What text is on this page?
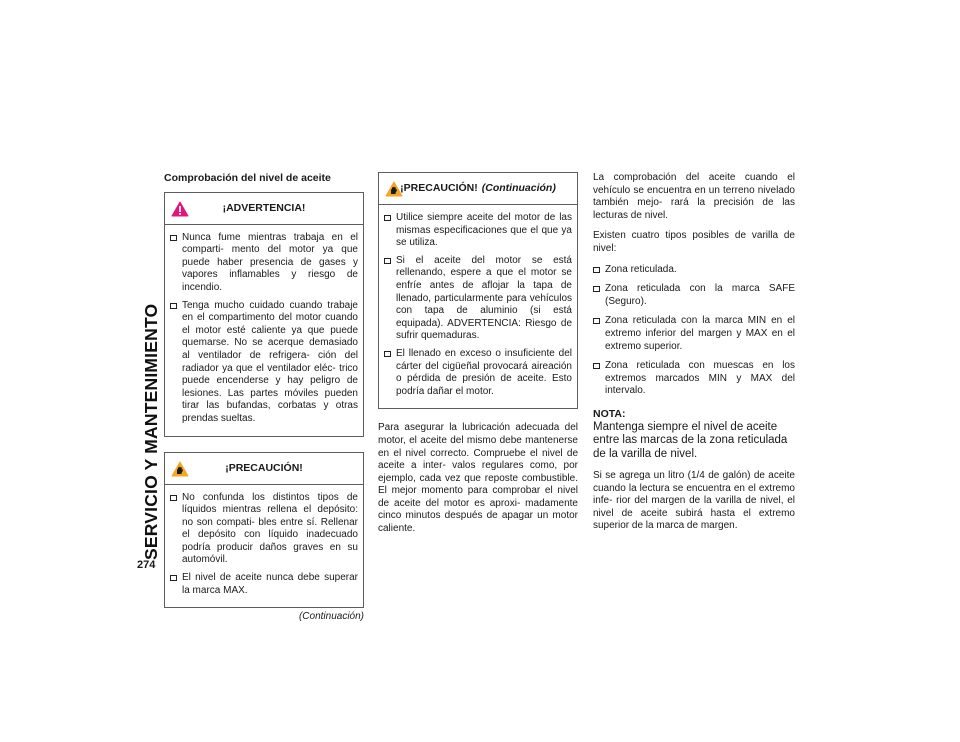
SERVICIO Y MANTENIMIENTO
274
Comprobación del nivel de aceite
¡ADVERTENCIA!
Nunca fume mientras trabaja en el comparti- mento del motor ya que puede haber presencia de gases y vapores inflamables y riesgo de incendio.
Tenga mucho cuidado cuando trabaje en el compartimento del motor cuando el motor esté caliente ya que puede quemarse. No se acerque demasiado al ventilador de refrigera- ción del radiador ya que el ventilador eléc- trico puede encenderse y hay peligro de lesiones. Las partes móviles pueden tirar las bufandas, corbatas y otras prendas sueltas.
¡PRECAUCIÓN!
No confunda los distintos tipos de líquidos mientras rellena el depósito: no son compati- bles entre sí. Rellenar el depósito con líquido inadecuado podría producir daños graves en su automóvil.
El nivel de aceite nunca debe superar la marca MAX.
(Continuación)
¡PRECAUCIÓN! (Continuación)
Utilice siempre aceite del motor de las mismas especificaciones que el que ya se utiliza.
Si el aceite del motor se está rellenando, espere a que el motor se enfríe antes de aflojar la tapa de llenado, particularmente para vehículos con tapa de aluminio (si está equipada). ADVERTENCIA: Riesgo de sufrir quemaduras.
El llenado en exceso o insuficiente del cárter del cigüeñal provocará aireación o pérdida de presión de aceite. Esto podría dañar el motor.

Para asegurar la lubricación adecuada del motor, el aceite del mismo debe mantenerse en el nivel correcto. Compruebe el nivel de aceite a inter- valos regulares como, por ejemplo, cada vez que reposte combustible. El mejor momento para comprobar el nivel de aceite del motor es aproxi- madamente cinco minutos después de apagar un motor caliente.

La comprobación del aceite cuando el vehículo se encuentra en un terreno nivelado también mejo- rará la precisión de las lecturas de nivel.

Existen cuatro tipos posibles de varilla de nivel:

Zona reticulada.
Zona reticulada con la marca SAFE (Seguro).
Zona reticulada con la marca MIN en el extremo inferior del margen y MAX en el extremo superior.
Zona reticulada con muescas en los extremos marcados MIN y MAX del intervalo.
NOTA:

Mantenga siempre el nivel de aceite entre las marcas de la zona reticulada de la varilla de nivel.

Si se agrega un litro (1/4 de galón) de aceite cuando la lectura se encuentra en el extremo infe- rior del margen de la varilla de nivel, el nivel de aceite subirá hasta el extremo superior de la marca de margen.
